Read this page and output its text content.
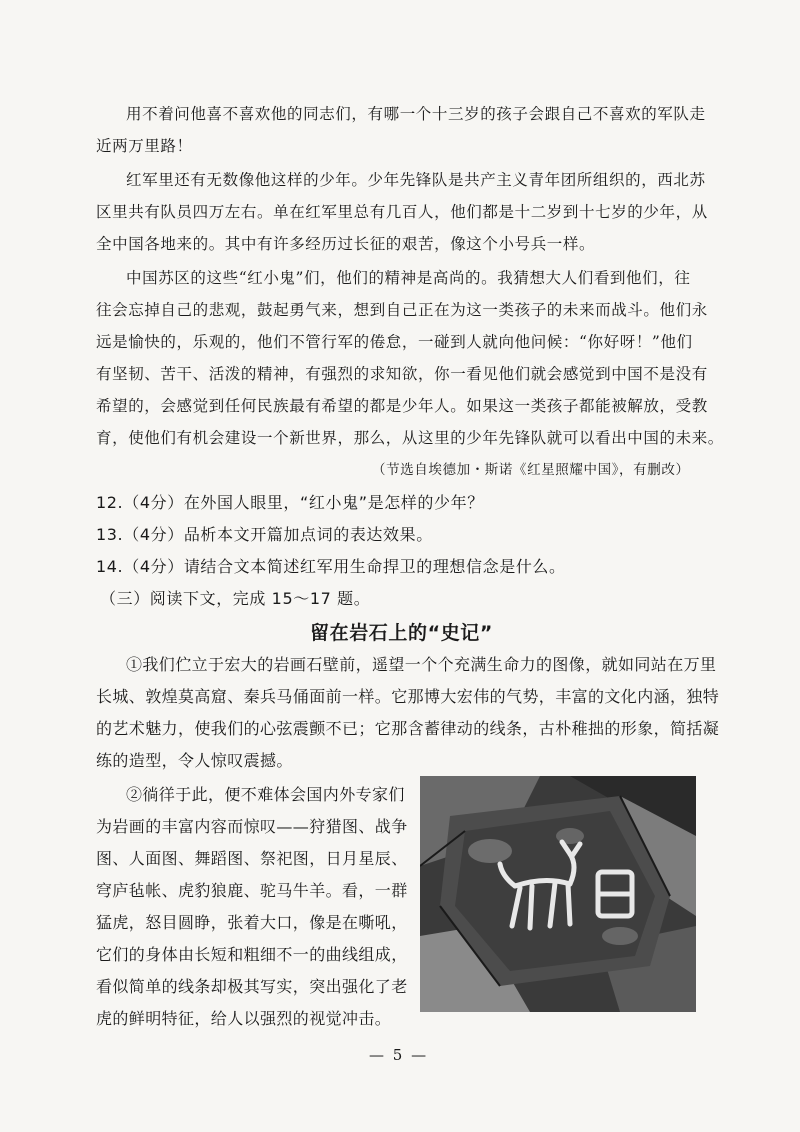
用不着问他喜不喜欢他的同志们，有哪一个十三岁的孩子会跟自己不喜欢的军队走
近两万里路！
红军里还有无数像他这样的少年。少年先锋队是共产主义青年团所组织的，西北苏
区里共有队员四万左右。单在红军里总有几百人，他们都是十二岁到十七岁的少年，从
全中国各地来的。其中有许多经历过长征的艰苦，像这个小号兵一样。
中国苏区的这些“红小鬼”们，他们的精神是高尚的。我猜想大人们看到他们，往
往会忘掉自己的悲观，鼓起勇气来，想到自己正在为这一类孩子的未来而战斗。他们永
远是愉快的，乐观的，他们不管行军的倦怠，一碰到人就向他问候：“你好呀！”他们
有坚韧、苦干、活泼的精神，有强烈的求知欲，你一看见他们就会感觉到中国不是没有
希望的，会感觉到任何民族最有希望的都是少年人。如果这一类孩子都能被解放，受教
育，使他们有机会建设一个新世界，那么，从这里的少年先锋队就可以看出中国的未来。
（节选自埃德加・斯诺《红星照耀中国》，有删改）
12.（4分）在外国人眼里，“红小鬼”是怎样的少年？
13.（4分）品析本文开篇加点词的表达效果。
14.（4分）请结合文本简述红军用生命捍卫的理想信念是什么。
（三）阅读下文，完成 15～17 题。
留在岩石上的“史记”
①我们伫立于宏大的岩画石壁前，遥望一个个充满生命力的图像，就如同站在万里
长城、敦煌莫高窟、秦兵马俑面前一样。它那博大宏伟的气势，丰富的文化内涵，独特
的艺术魅力，使我们的心弦震颤不已；它那含蓄律动的线条，古朴稚拙的形象，简括凝
练的造型，令人惊叹震撼。
②徜徉于此，便不难体会国内外专家们
为岩画的丰富内容而惊叹——狩猎图、战争
图、人面图、舞蹈图、祭祀图，日月星辰、
穹庐毡帐、虎豹狼鹿、驼马牛羊。看，一群
猛虎，怒目圆睁，张着大口，像是在嘶吼，
它们的身体由长短和粗细不一的曲线组成，
看似简单的线条却极其写实，突出强化了老
虎的鲜明特征，给人以强烈的视觉冲击。
— 5 —
